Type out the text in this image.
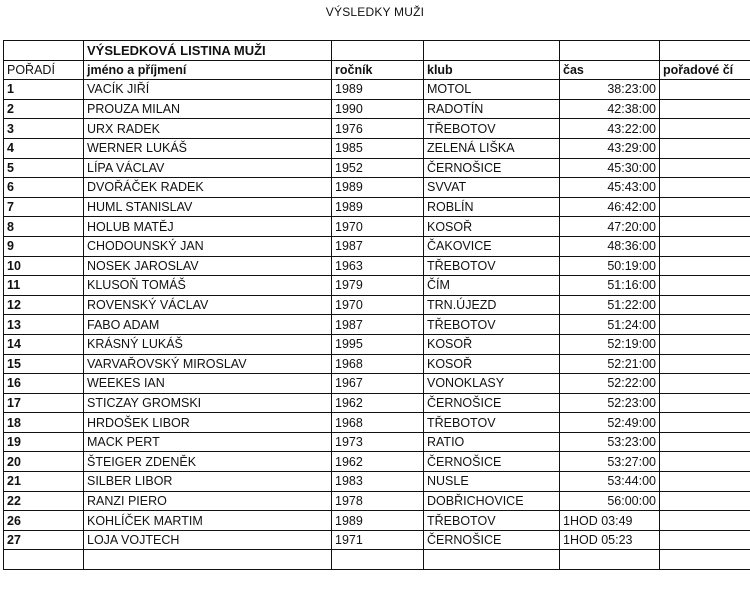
VÝSLEDKY MUŽI
	VÝSLEDKOVÁ LISTINA MUŽI				
POŘADÍ	jméno a příjmení	ročník	klub	čas	pořadové čí
1	VACÍK JIŘÍ	1989	MOTOL	38:23:00	
2	PROUZA MILAN	1990	RADOTÍN	42:38:00	
3	URX RADEK	1976	TŘEBOTOV	43:22:00	
4	WERNER LUKÁŠ	1985	ZELENÁ LIŠKA	43:29:00	
5	LÍPA VÁCLAV	1952	ČERNOŠICE	45:30:00	
6	DVOŘÁČEK RADEK	1989	SVVAT	45:43:00	
7	HUML STANISLAV	1989	ROBLÍN	46:42:00	
8	HOLUB MATĚJ	1970	KOSOŘ	47:20:00	
9	CHODOUNSKÝ JAN	1987	ČAKOVICE	48:36:00	
10	NOSEK JAROSLAV	1963	TŘEBOTOV	50:19:00	
11	KLUSOŇ TOMÁŠ	1979	ČÍM	51:16:00	
12	ROVENSKÝ VÁCLAV	1970	TRN.ÚJEZD	51:22:00	
13	FABO ADAM	1987	TŘEBOTOV	51:24:00	
14	KRÁSNÝ LUKÁŠ	1995	KOSOŘ	52:19:00	
15	VARVAŘOVSKÝ MIROSLAV	1968	KOSOŘ	52:21:00	
16	WEEKES IAN	1967	VONOKLASY	52:22:00	
17	STICZAY GROMSKI	1962	ČERNOŠICE	52:23:00	
18	HRDOŠEK LIBOR	1968	TŘEBOTOV	52:49:00	
19	MACK PERT	1973	RATIO	53:23:00	
20	ŠTEIGER ZDENĚK	1962	ČERNOŠICE	53:27:00	
21	SILBER LIBOR	1983	NUSLE	53:44:00	
22	RANZI PIERO	1978	DOBŘICHOVICE	56:00:00	
26	KOHLÍČEK MARTIM	1989	TŘEBOTOV	1HOD 03:49	
27	LOJA VOJTECH	1971	ČERNOŠICE	1HOD 05:23	
